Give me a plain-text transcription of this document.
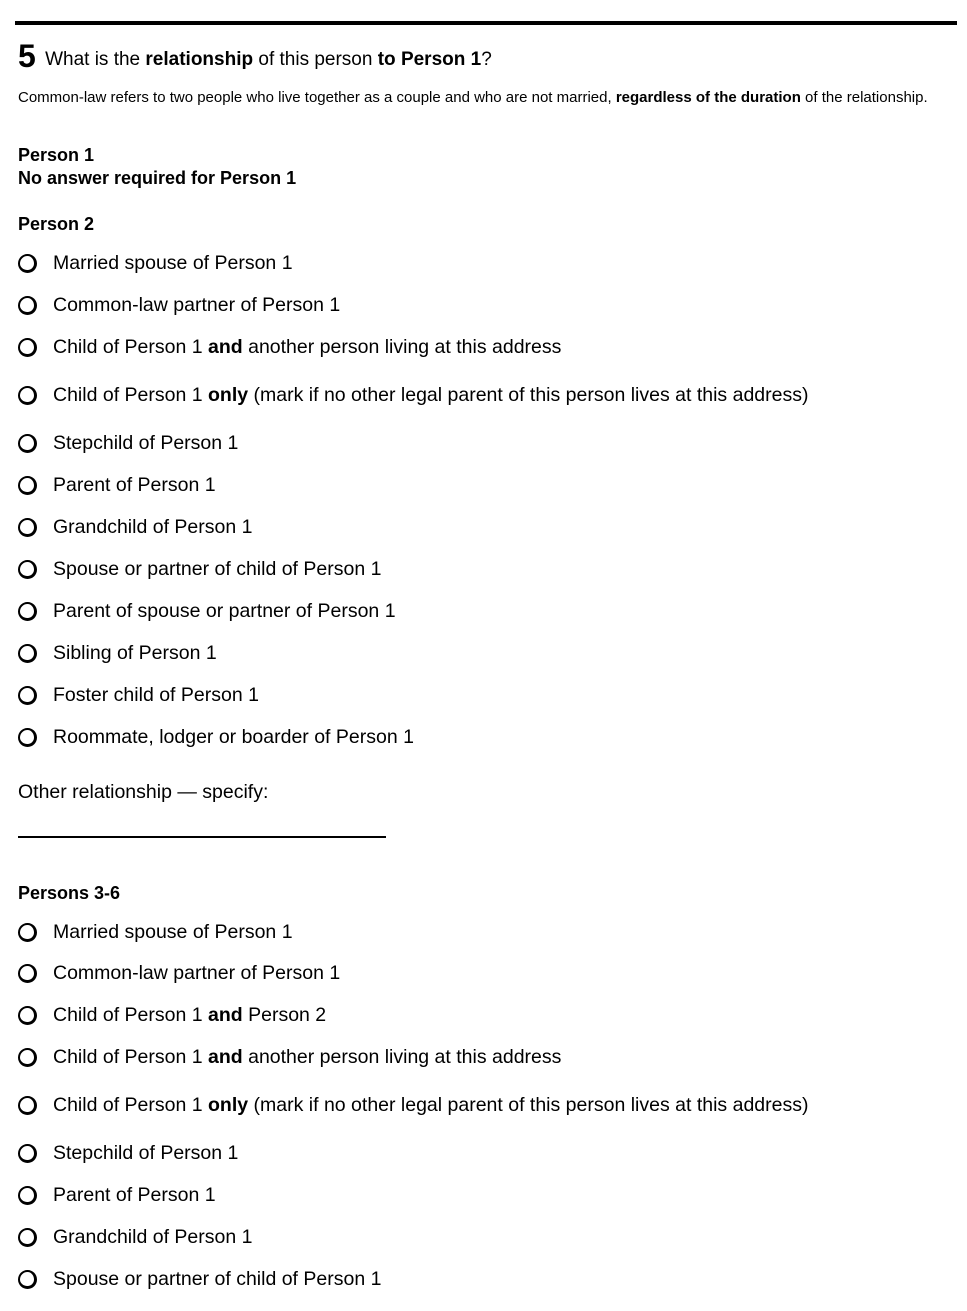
5 What is the relationship of this person to Person 1?
Common-law refers to two people who live together as a couple and who are not married, regardless of the duration of the relationship.
Person 1
No answer required for Person 1
Person 2
Married spouse of Person 1
Common-law partner of Person 1
Child of Person 1 and another person living at this address
Child of Person 1 only (mark if no other legal parent of this person lives at this address)
Stepchild of Person 1
Parent of Person 1
Grandchild of Person 1
Spouse or partner of child of Person 1
Parent of spouse or partner of Person 1
Sibling of Person 1
Foster child of Person 1
Roommate, lodger or boarder of Person 1
Other relationship — specify:
Persons 3-6
Married spouse of Person 1
Common-law partner of Person 1
Child of Person 1 and Person 2
Child of Person 1 and another person living at this address
Child of Person 1 only (mark if no other legal parent of this person lives at this address)
Stepchild of Person 1
Parent of Person 1
Grandchild of Person 1
Spouse or partner of child of Person 1
